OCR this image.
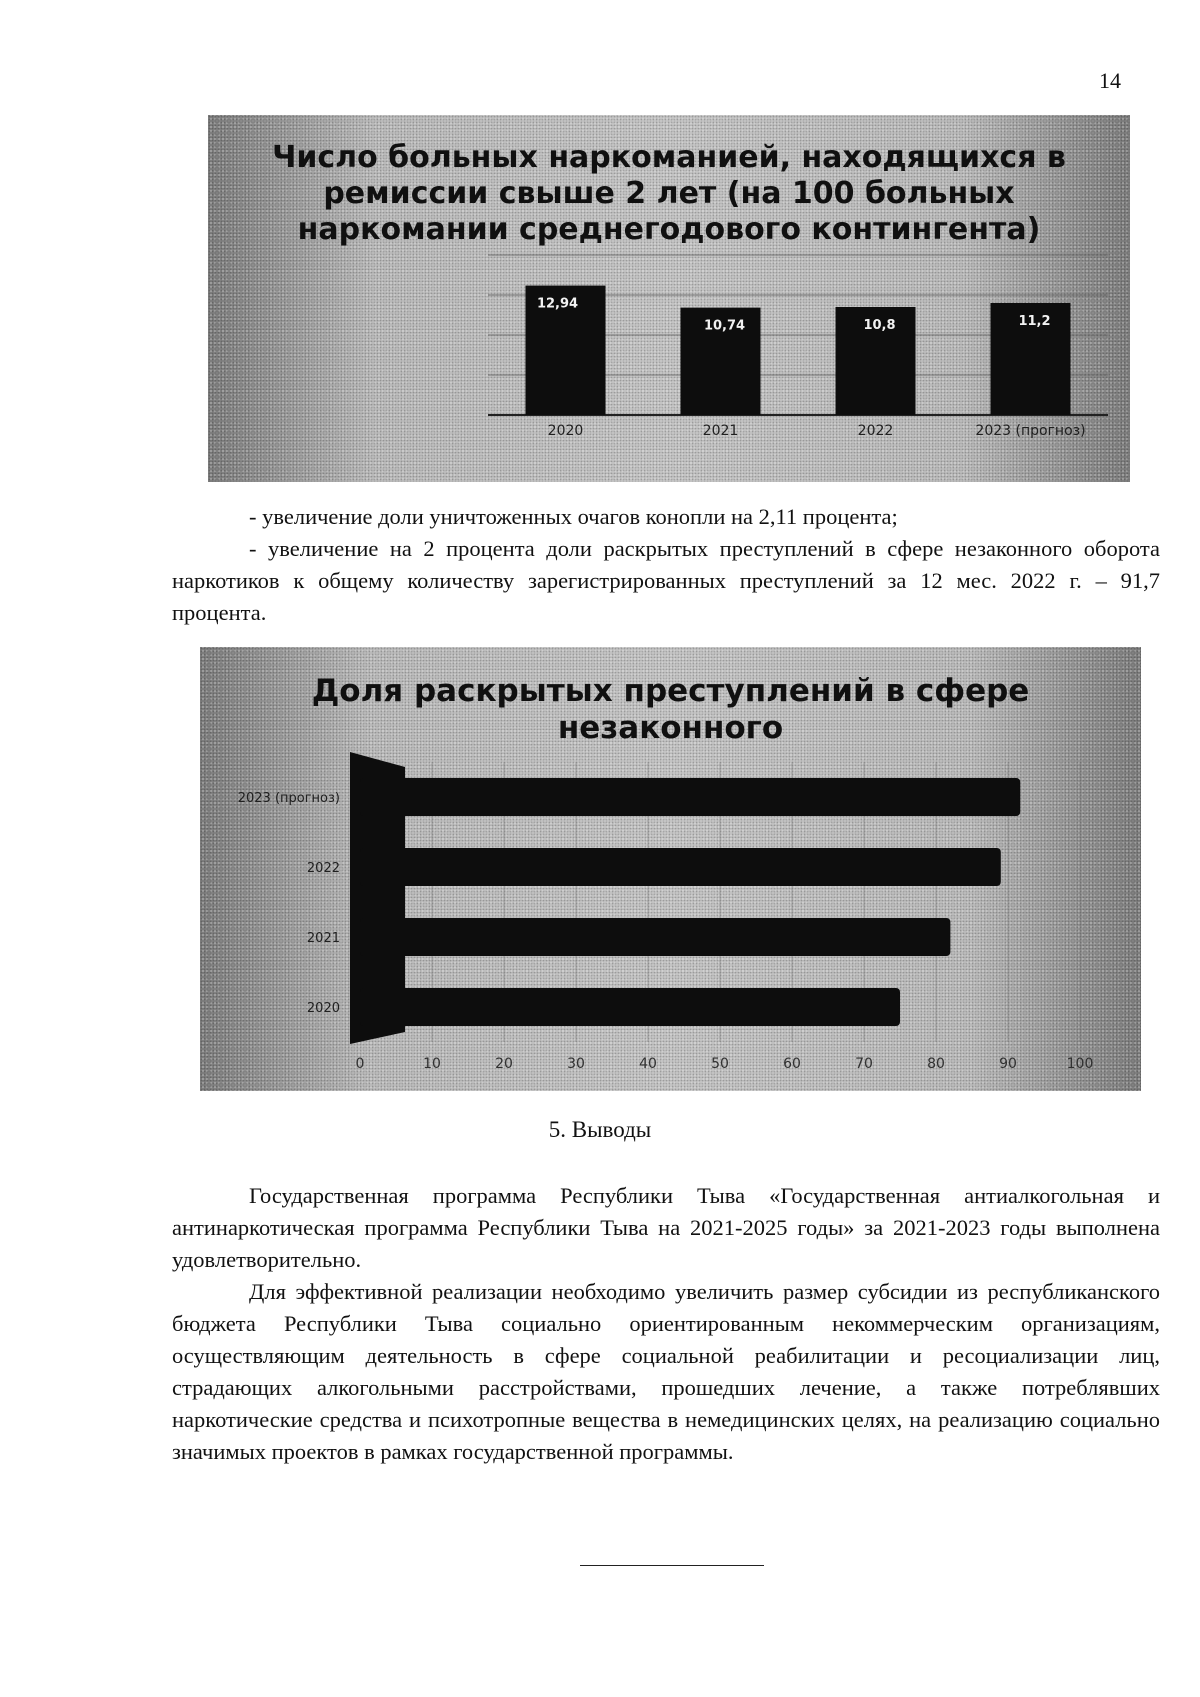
14
12,94
2020
10,74
2021
10,8
2022
11,2
2023 (прогноз)
Число больных наркоманией, находящихся в ремиссии свыше 2 лет (на 100 больных наркомании среднегодового контингента)

- увеличение доли уничтоженных очагов конопли на 2,11 процента;

- увеличение на 2 процента доли раскрытых преступлений в сфере незаконного оборота наркотиков к общему количеству зарегистрированных преступлений за 12 мес. 2022 г. – 91,7 процента.

0	10	20	30	40	50	60	70	80	90	100
2020
2021
2022
2023 (прогноз)
Доля раскрытых преступлений в сфере незаконного
5. Выводы

Государственная программа Республики Тыва «Государственная антиалкогольная и антинаркотическая программа Республики Тыва на 2021-2025 годы» за 2021-2023 годы выполнена удовлетворительно.

Для эффективной реализации необходимо увеличить размер субсидии из республиканского бюджета Республики Тыва социально ориентированным некоммерческим организациям, осуществляющим деятельность в сфере социальной реабилитации и ресоциализации лиц, страдающих алкогольными расстройствами, прошедших лечение, а также потреблявших наркотические средства и психотропные вещества в немедицинских целях, на реализацию социально значимых проектов в рамках государственной программы.
